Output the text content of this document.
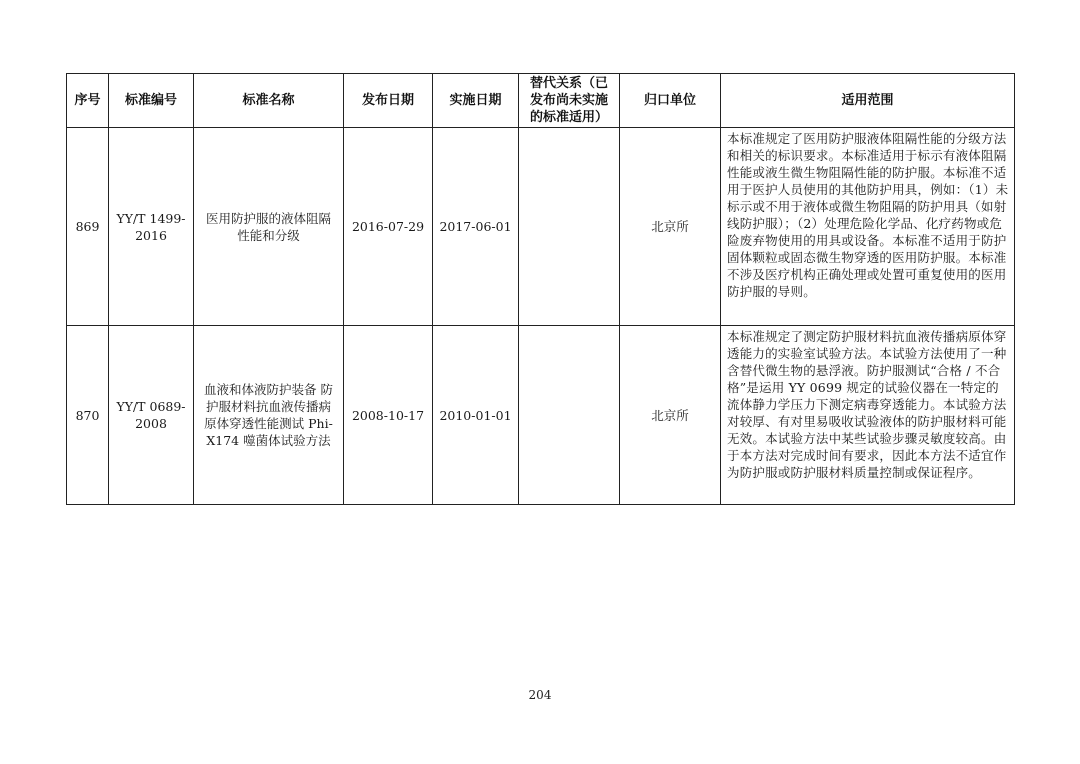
序号	标准编号	标准名称	发布日期	实施日期	替代关系（已发布尚未实施的标准适用）	归口单位	适用范围
869	YY/T 1499-2016	医用防护服的液体阻隔性能和分级	2016-07-29	2017-06-01		北京所	本标准规定了医用防护服液体阻隔性能的分级方法和相关的标识要求。本标准适用于标示有液体阻隔性能或液生微生物阻隔性能的防护服。本标准不适用于医护人员使用的其他防护用具，例如：（1）未标示或不用于液体或微生物阻隔的防护用具（如射线防护服）；（2）处理危险化学品、化疗药物或危险废弃物使用的用具或设备。本标准不适用于防护固体颗粒或固态微生物穿透的医用防护服。本标准不涉及医疗机构正确处理或处置可重复使用的医用防护服的导则。
870	YY/T 0689-2008	血液和体液防护装备 防护服材料抗血液传播病原体穿透性能测试 Phi-X174 噬菌体试验方法	2008-10-17	2010-01-01		北京所	本标准规定了测定防护服材料抗血液传播病原体穿透能力的实验室试验方法。本试验方法使用了一种含替代微生物的悬浮液。防护服测试“合格 / 不合格”是运用 YY 0699 规定的试验仪器在一特定的流体静力学压力下测定病毒穿透能力。本试验方法对较厚、有对里易吸收试验液体的防护服材料可能无效。本试验方法中某些试验步骤灵敏度较高。由于本方法对完成时间有要求，因此本方法不适宜作为防护服或防护服材料质量控制或保证程序。
204
